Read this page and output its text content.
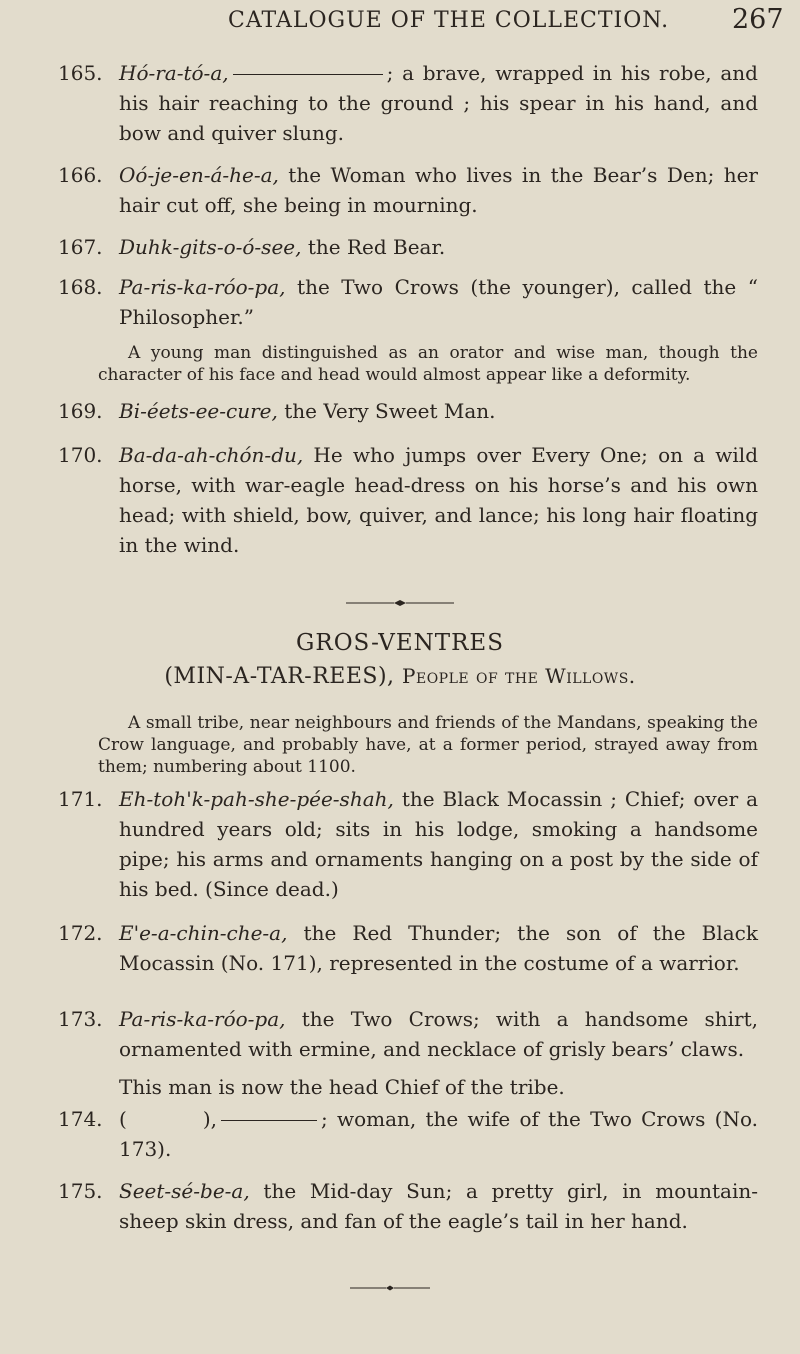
CATALOGUE OF THE COLLECTION. 267
165. Hó-ra-tó-a,	; a brave, wrapped in his robe, and his hair reaching to the ground ; his spear in his hand, and bow and quiver slung.
166. Oó-je-en-á-he-a, the Woman who lives in the Bear’s Den; her hair cut off, she being in mourning.
167. Duhk-gits-o-ó-see, the Red Bear.
168. Pa-ris-ka-róo-pa, the Two Crows (the younger), called the “ Philosopher.”
A young man distinguished as an orator and wise man, though the character of his face and head would almost appear like a deformity.
169. Bi-éets-ee-cure, the Very Sweet Man.
170. Ba-da-ah-chón-du, He who jumps over Every One; on a wild horse, with war-eagle head-dress on his horse’s and his own head; with shield, bow, quiver, and lance; his long hair floating in the wind.
GROS-VENTRES
(MIN-A-TAR-REES), People of the Willows.
A small tribe, near neighbours and friends of the Mandans, speaking the Crow language, and probably have, at a former period, strayed away from them; numbering about 1100.
171. Eh-toh'k-pah-she-pée-shah, the Black Mocassin ; Chief; over a hundred years old; sits in his lodge, smoking a handsome pipe; his arms and ornaments hanging on a post by the side of his bed. (Since dead.)
172. E'e-a-chin-che-a, the Red Thunder; the son of the Black Mocassin (No. 171), represented in the costume of a warrior.
173. Pa-ris-ka-róo-pa, the Two Crows; with a handsome shirt, ornamented with ermine, and necklace of grisly bears’ claws.
This man is now the head Chief of the tribe.
174. (	),	; woman, the wife of the Two Crows (No. 173).
175. Seet-sé-be-a, the Mid-day Sun; a pretty girl, in mountain-sheep skin dress, and fan of the eagle’s tail in her hand.
